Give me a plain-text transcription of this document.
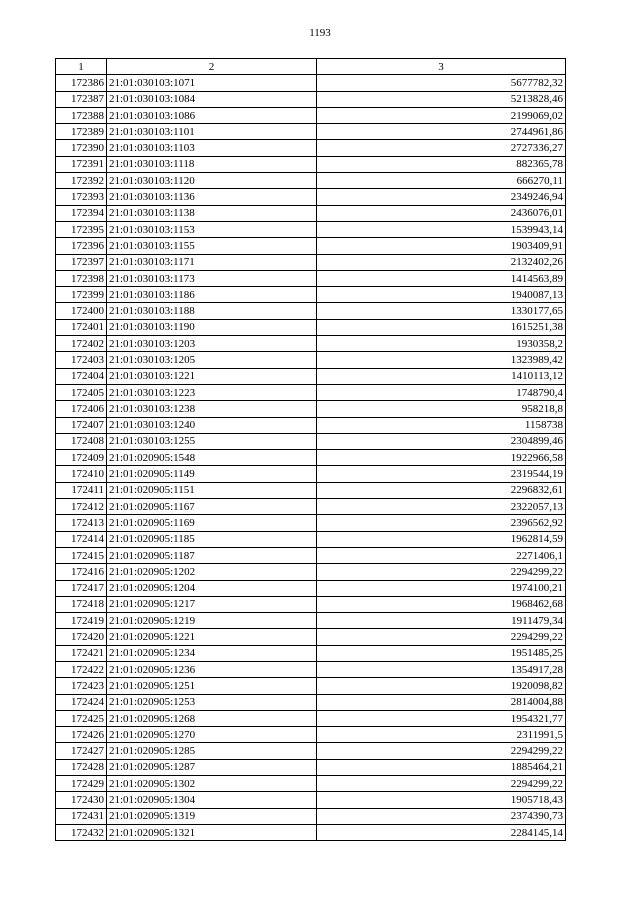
1193
1	2	3
172386	21:01:030103:1071	5677782,32
172387	21:01:030103:1084	5213828,46
172388	21:01:030103:1086	2199069,02
172389	21:01:030103:1101	2744961,86
172390	21:01:030103:1103	2727336,27
172391	21:01:030103:1118	882365,78
172392	21:01:030103:1120	666270,11
172393	21:01:030103:1136	2349246,94
172394	21:01:030103:1138	2436076,01
172395	21:01:030103:1153	1539943,14
172396	21:01:030103:1155	1903409,91
172397	21:01:030103:1171	2132402,26
172398	21:01:030103:1173	1414563,89
172399	21:01:030103:1186	1940087,13
172400	21:01:030103:1188	1330177,65
172401	21:01:030103:1190	1615251,38
172402	21:01:030103:1203	1930358,2
172403	21:01:030103:1205	1323989,42
172404	21:01:030103:1221	1410113,12
172405	21:01:030103:1223	1748790,4
172406	21:01:030103:1238	958218,8
172407	21:01:030103:1240	1158738
172408	21:01:030103:1255	2304899,46
172409	21:01:020905:1548	1922966,58
172410	21:01:020905:1149	2319544,19
172411	21:01:020905:1151	2296832,61
172412	21:01:020905:1167	2322057,13
172413	21:01:020905:1169	2396562,92
172414	21:01:020905:1185	1962814,59
172415	21:01:020905:1187	2271406,1
172416	21:01:020905:1202	2294299,22
172417	21:01:020905:1204	1974100,21
172418	21:01:020905:1217	1968462,68
172419	21:01:020905:1219	1911479,34
172420	21:01:020905:1221	2294299,22
172421	21:01:020905:1234	1951485,25
172422	21:01:020905:1236	1354917,28
172423	21:01:020905:1251	1920098,82
172424	21:01:020905:1253	2814004,88
172425	21:01:020905:1268	1954321,77
172426	21:01:020905:1270	2311991,5
172427	21:01:020905:1285	2294299,22
172428	21:01:020905:1287	1885464,21
172429	21:01:020905:1302	2294299,22
172430	21:01:020905:1304	1905718,43
172431	21:01:020905:1319	2374390,73
172432	21:01:020905:1321	2284145,14
